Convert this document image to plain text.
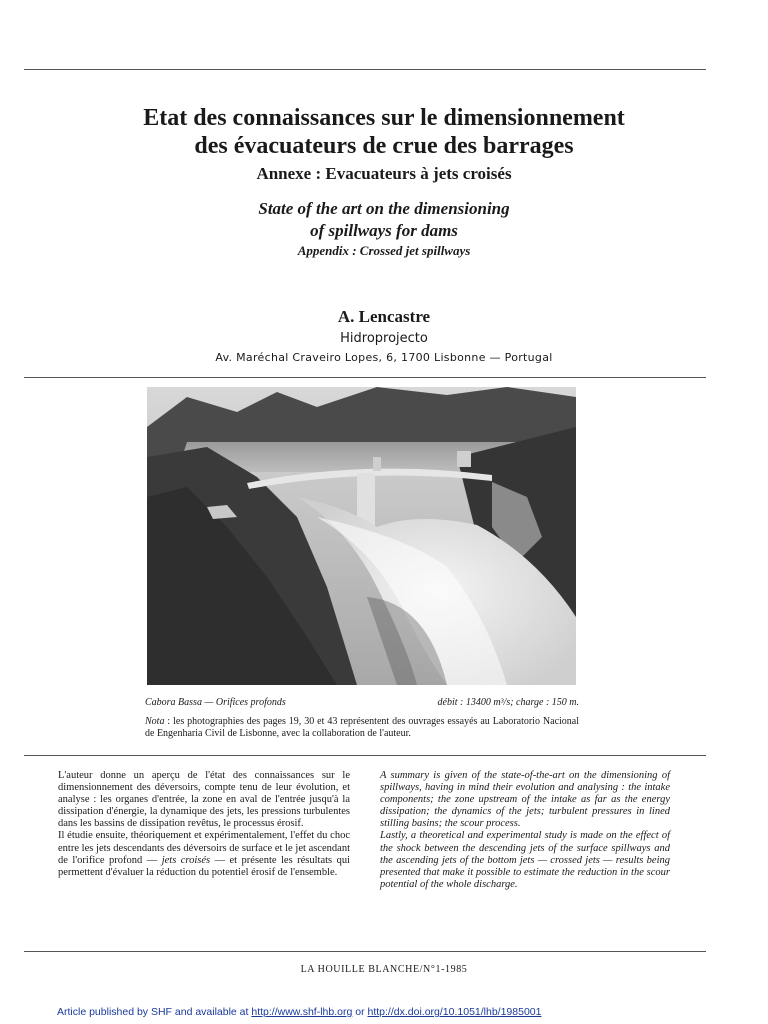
Etat des connaissances sur le dimensionnement
des évacuateurs de crue des barrages
Annexe : Evacuateurs à jets croisés
State of the art on the dimensioning
of spillways for dams
Appendix : Crossed jet spillways
A. Lencastre
Hidroprojecto
Av. Maréchal Craveiro Lopes, 6, 1700 Lisbonne — Portugal
Cabora Bassa — Orifices profonds	débit : 13400 m³/s; charge : 150 m.
Nota : les photographies des pages 19, 30 et 43 représentent des ouvrages essayés au Laboratorio Nacional de Engenharia Civil de Lisbonne, avec la collaboration de l'auteur.

L'auteur donne un aperçu de l'état des connaissances sur le dimensionnement des déversoirs, compte tenu de leur évolution, et analyse : les organes d'entrée, la zone en aval de l'entrée jusqu'à la dissipation d'énergie, la dynamique des jets, les pressions turbulentes dans les bassins de dissipation revêtus, le processus érosif.

Il étudie ensuite, théoriquement et expérimentalement, l'effet du choc entre les jets descendants des déversoirs de surface et le jet ascendant de l'orifice profond — jets croisés — et présente les résultats qui permettent d'évaluer la réduction du potentiel érosif de l'ensemble.

A summary is given of the state-of-the-art on the dimensioning of spillways, having in mind their evolution and analysing : the intake components; the zone upstream of the intake as far as the energy dissipation; the dynamics of the jets; turbulent pressures in lined stilling basins; the scour process.

Lastly, a theoretical and experimental study is made on the effect of the shock between the descending jets of the surface spillways and the ascending jets of the bottom jets — crossed jets — results being presented that make it possible to estimate the reduction in the scour potential of the whole discharge.

LA HOUILLE BLANCHE/N°1-1985
Article published by SHF and available at http://www.shf-lhb.org or http://dx.doi.org/10.1051/lhb/1985001
